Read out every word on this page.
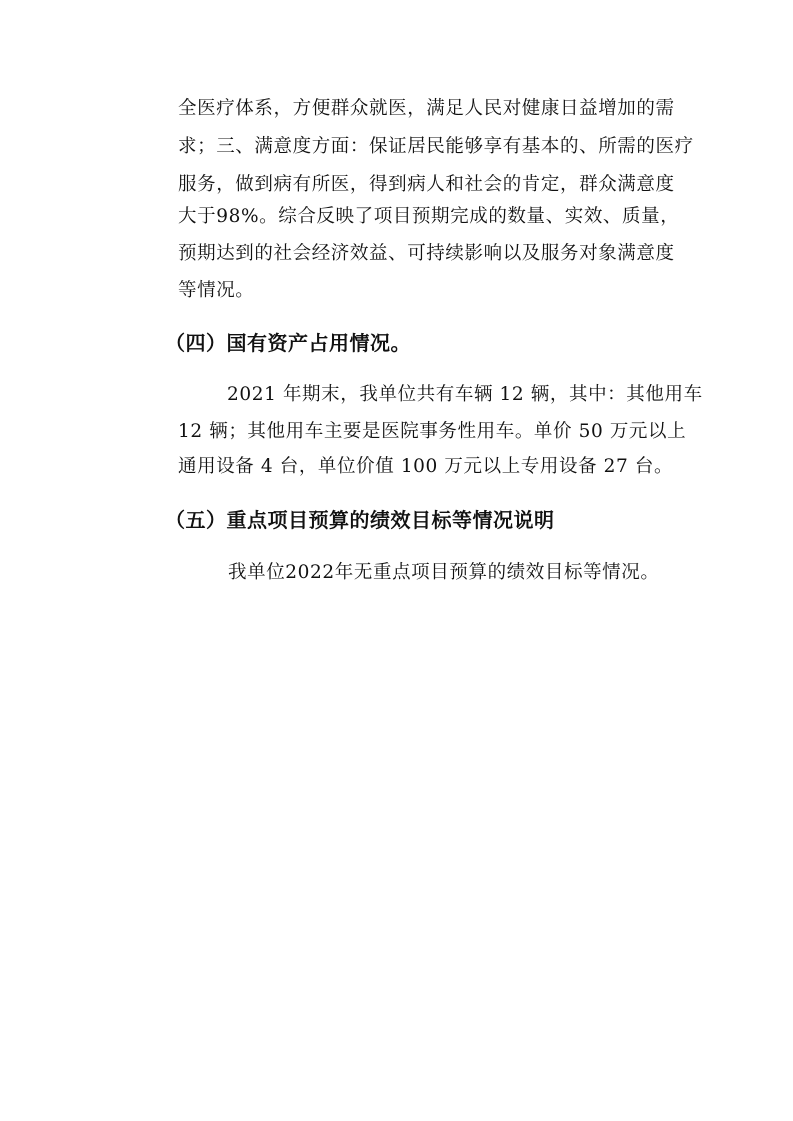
全医疗体系，方便群众就医，满足人民对健康日益增加的需
求；三、满意度方面：保证居民能够享有基本的、所需的医疗
服务，做到病有所医，得到病人和社会的肯定，群众满意度
大于98%。综合反映了项目预期完成的数量、实效、质量，
预期达到的社会经济效益、可持续影响以及服务对象满意度
等情况。
（四）国有资产占用情况。
2021 年期末，我单位共有车辆 12 辆，其中：其他用车
12 辆；其他用车主要是医院事务性用车。单价 50 万元以上
通用设备 4 台，单位价值 100 万元以上专用设备 27 台。
（五）重点项目预算的绩效目标等情况说明
我单位2022年无重点项目预算的绩效目标等情况。
